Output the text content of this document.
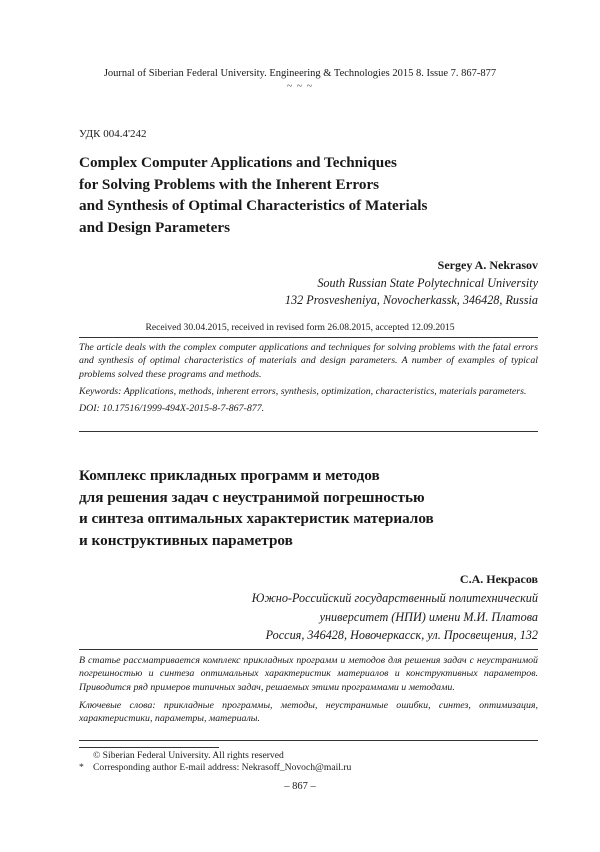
Journal of Siberian Federal University. Engineering & Technologies 2015 8. Issue 7. 867-877
~ ~ ~
УДК 004.4'242
Complex Computer Applications and Techniques
for Solving Problems with the Inherent Errors
and Synthesis of Optimal Characteristics of Materials
and Design Parameters
Sergey A. Nekrasov
South Russian State Polytechnical University
132 Prosvesheniya, Novocherkassk, 346428, Russia
Received 30.04.2015, received in revised form 26.08.2015, accepted 12.09.2015

The article deals with the complex computer applications and techniques for solving problems with the fatal errors and synthesis of optimal characteristics of materials and design parameters. A number of examples of typical problems solved these programs and methods.

Keywords: Applications, methods, inherent errors, synthesis, optimization, characteristics, materials parameters.

DOI: 10.17516/1999-494X-2015-8-7-867-877.

Комплекс прикладных программ и методов
для решения задач с неустранимой погрешностью
и синтеза оптимальных характеристик материалов
и конструктивных параметров
С.А. Некрасов
Южно-Российский государственный политехнический
университет (НПИ) имени М.И. Платова
Россия, 346428, Новочеркасск, ул. Просвещения, 132

В статье рассматривается комплекс прикладных программ и методов для решения задач с неустранимой погрешностью и синтеза оптимальных характеристик материалов и конструктивных параметров. Приводится ряд примеров типичных задач, решаемых этими программами и методами.

Ключевые слова: прикладные программы, методы, неустранимые ошибки, синтез, оптимизация, характеристики, параметры, материалы.

© Siberian Federal University. All rights reserved
* Corresponding author E-mail address: Nekrasoff_Novoch@mail.ru
– 867 –
